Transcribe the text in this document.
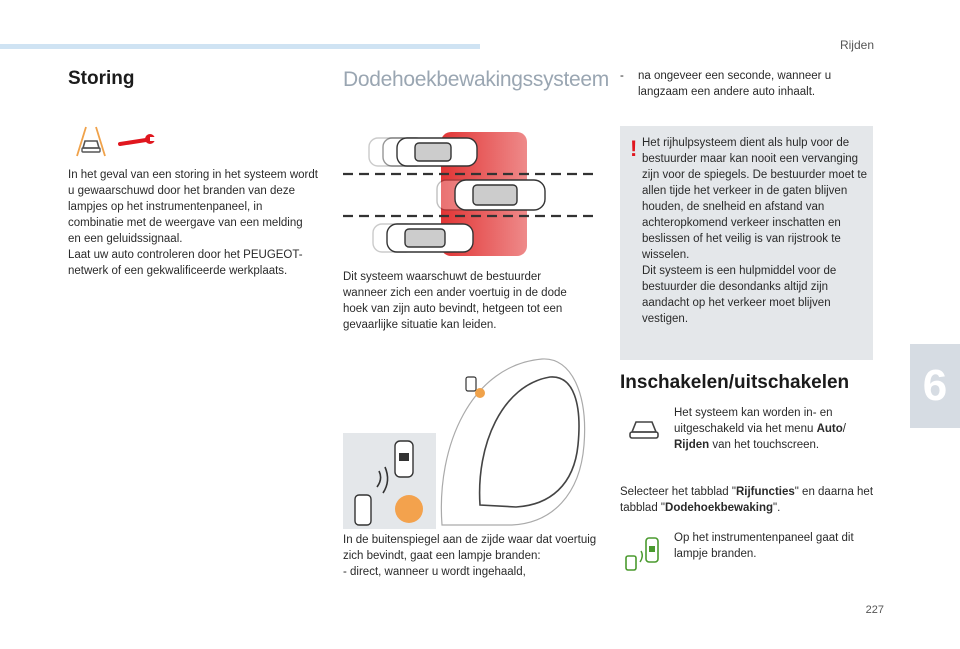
Rijden
6
227
Storing

In het geval van een storing in het systeem wordt u gewaarschuwd door het branden van deze lampjes op het instrumentenpaneel, in combinatie met de weergave van een melding en een geluidssignaal.

Laat uw auto controleren door het PEUGEOT-netwerk of een gekwalificeerde werkplaats.

Dodehoekbewakingssysteem

Dit systeem waarschuwt de bestuurder wanneer zich een ander voertuig in de dode hoek van zijn auto bevindt, hetgeen tot een gevaarlijke situatie kan leiden.

In de buitenspiegel aan de zijde waar dat voertuig zich bevindt, gaat een lampje branden:

- direct, wanneer u wordt ingehaald,

- na ongeveer een seconde, wanneer u langzaam een andere auto inhaalt.

! Het rijhulpsysteem dient als hulp voor de bestuurder maar kan nooit een vervanging zijn voor de spiegels. De bestuurder moet te allen tijde het verkeer in de gaten blijven houden, de snelheid en afstand van achteropkomend verkeer inschatten en beslissen of het veilig is van rijstrook te wisselen.

Dit systeem is een hulpmiddel voor de bestuurder die desondanks altijd zijn aandacht op het verkeer moet blijven vestigen.

Inschakelen/uitschakelen

Het systeem kan worden in- en uitgeschakeld via het menu Auto/ Rijden van het touchscreen.

Selecteer het tabblad "Rijfuncties" en daarna het tabblad "Dodehoekbewaking".

Op het instrumentenpaneel gaat dit lampje branden.
